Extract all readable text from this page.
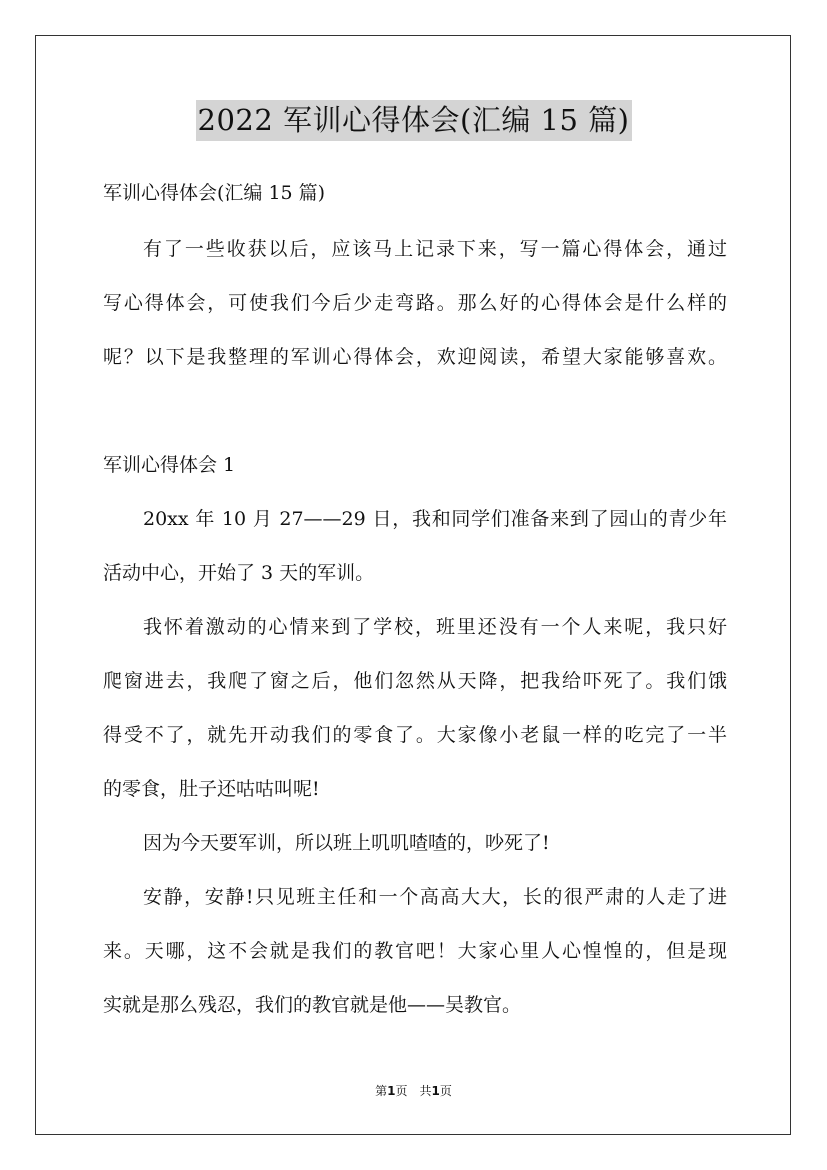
2022 军训心得体会(汇编 15 篇)
军训心得体会(汇编 15 篇)
有了一些收获以后，应该马上记录下来，写一篇心得体会，通过
写心得体会，可使我们今后少走弯路。那么好的心得体会是什么样的
呢？以下是我整理的军训心得体会，欢迎阅读，希望大家能够喜欢。
军训心得体会 1
20xx 年 10 月 27——29 日，我和同学们准备来到了园山的青少年
活动中心，开始了 3 天的军训。
我怀着激动的心情来到了学校，班里还没有一个人来呢，我只好
爬窗进去，我爬了窗之后，他们忽然从天降，把我给吓死了。我们饿
得受不了，就先开动我们的零食了。大家像小老鼠一样的吃完了一半
的零食，肚子还咕咕叫呢!
因为今天要军训，所以班上叽叽喳喳的，吵死了!
安静，安静!只见班主任和一个高高大大，长的很严肃的人走了进
来。天哪，这不会就是我们的教官吧！大家心里人心惶惶的，但是现
实就是那么残忍，我们的教官就是他——吴教官。
第1页　共1页
